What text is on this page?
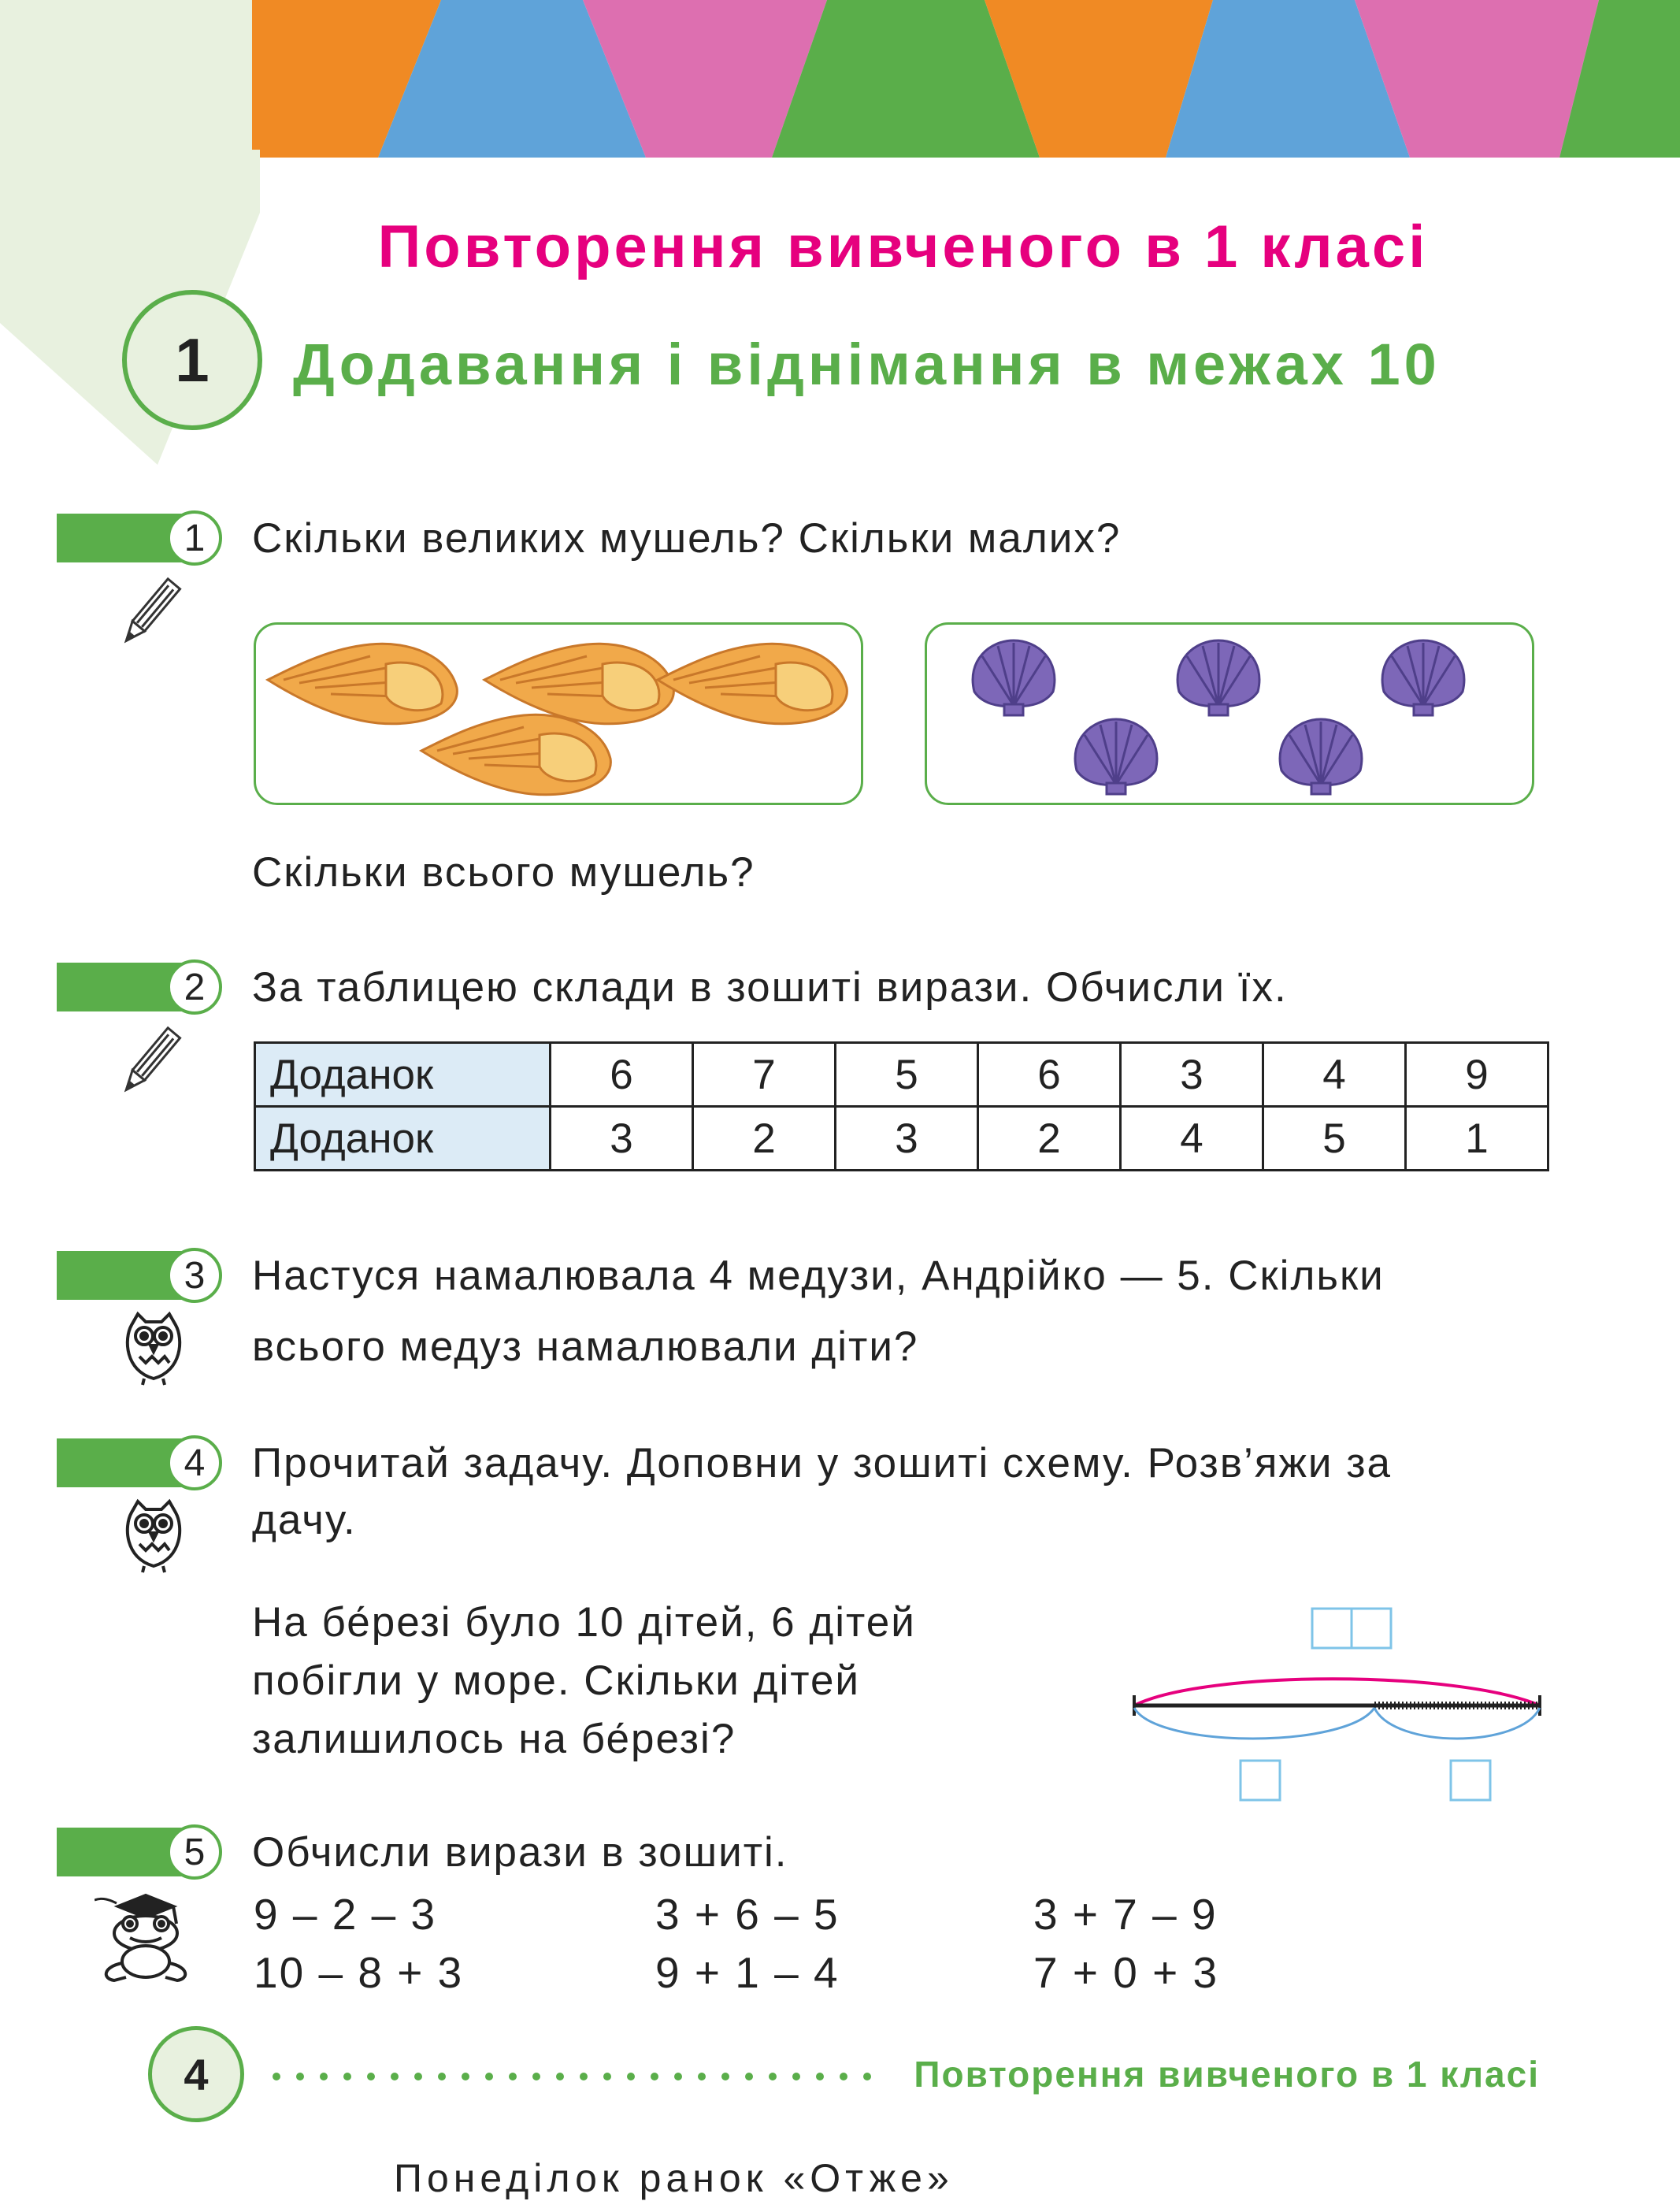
Повторення вивченого в 1 класі
1	Додавання і віднімання в межах 10
1	Скільки великих мушель? Скільки малих?
Скільки всього мушель?
2	За таблицею склади в зошиті вирази. Обчисли їх.
Доданок	6	7	5	6	3	4	9
Доданок	3	2	3	2	4	5	1
3	Настуся намалювала 4 медузи, Андрійко — 5. Скільки
всього медуз намалювали діти?
4	Прочитай задачу. Доповни у зошиті схему. Розв’яжи за
дачу.
На бе́резі було 10 дітей, 6 дітей
побігли у море. Скільки дітей
залишилось на бе́резі?
5	Обчисли вирази в зошиті.
9 – 2 – 3	3 + 6 – 5	3 + 7 – 9
10 – 8 + 3	9 + 1 – 4	7 + 0 + 3
4	Повторення вивченого в 1 класі
Понеділок ранок «Отже»
